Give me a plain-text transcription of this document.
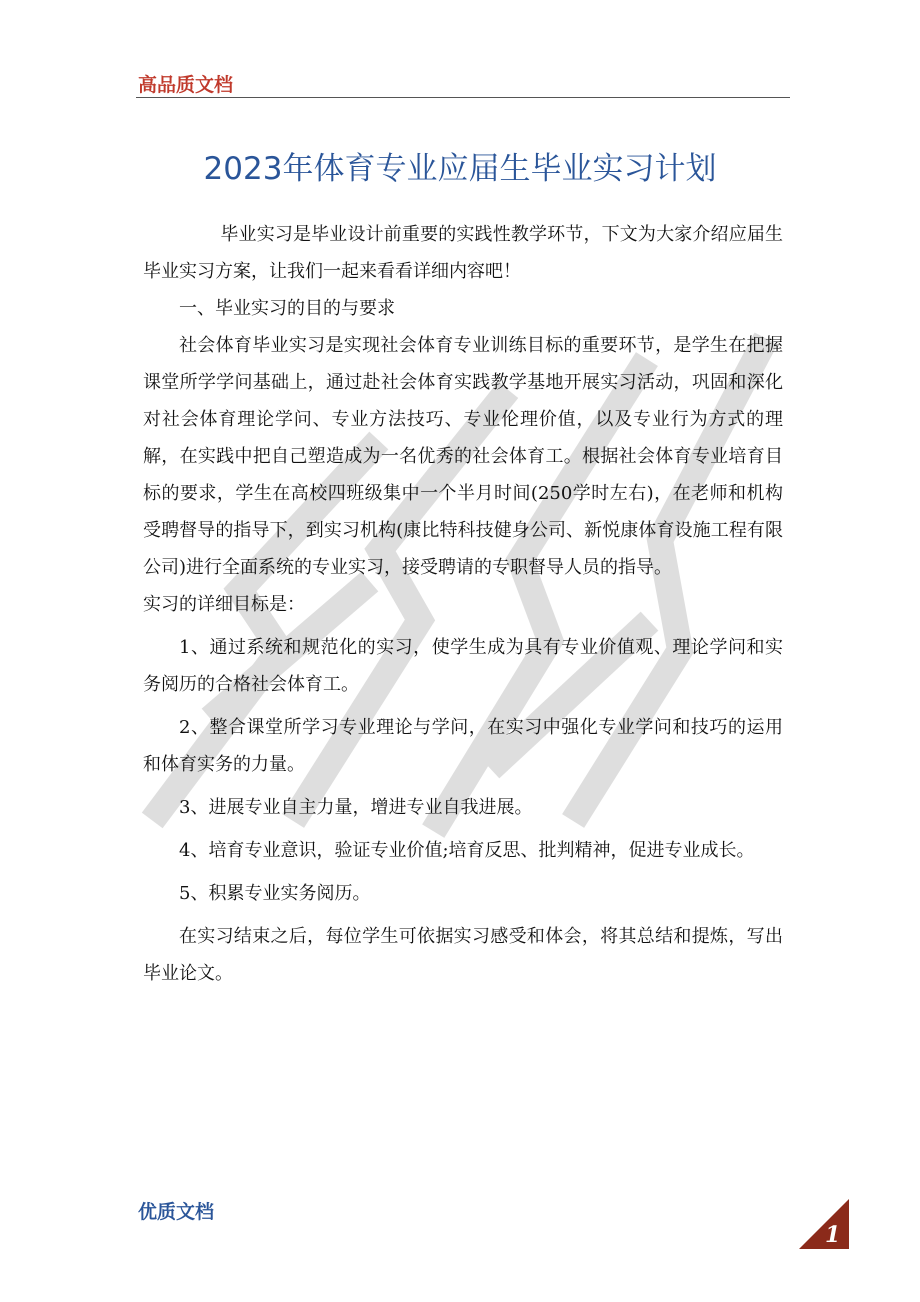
高品质文档
2023年体育专业应届生毕业实习计划

毕业实习是毕业设计前重要的实践性教学环节，下文为大家介绍应届生毕业实习方案，让我们一起来看看详细内容吧！

一、毕业实习的目的与要求

社会体育毕业实习是实现社会体育专业训练目标的重要环节，是学生在把握课堂所学学问基础上，通过赴社会体育实践教学基地开展实习活动，巩固和深化对社会体育理论学问、专业方法技巧、专业伦理价值，以及专业行为方式的理解，在实践中把自己塑造成为一名优秀的社会体育工。根据社会体育专业培育目标的要求，学生在高校四班级集中一个半月时间(250学时左右)，在老师和机构受聘督导的指导下，到实习机构(康比特科技健身公司、新悦康体育设施工程有限公司)进行全面系统的专业实习，接受聘请的专职督导人员的指导。

实习的详细目标是：

1、通过系统和规范化的实习，使学生成为具有专业价值观、理论学问和实务阅历的合格社会体育工。

2、整合课堂所学习专业理论与学问，在实习中强化专业学问和技巧的运用和体育实务的力量。

3、进展专业自主力量，增进专业自我进展。

4、培育专业意识，验证专业价值;培育反思、批判精神，促进专业成长。

5、积累专业实务阅历。

在实习结束之后，每位学生可依据实习感受和体会，将其总结和提炼，写出毕业论文。

优质文档
1
